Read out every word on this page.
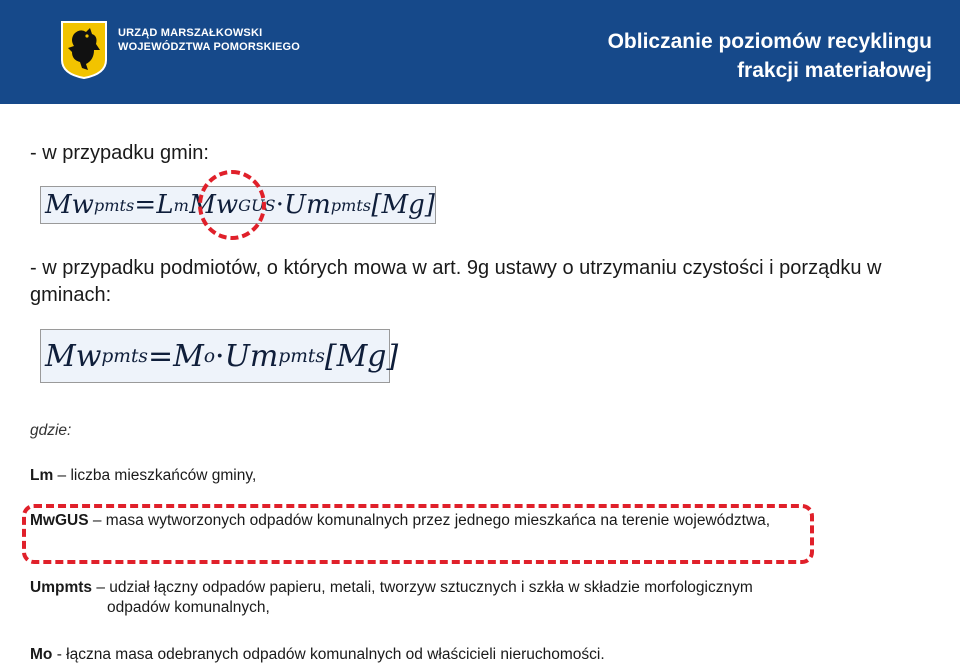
URZĄD MARSZAŁKOWSKI
WOJEWÓDZTWA POMORSKIEGO	Obliczanie poziomów recyklingu
frakcji materiałowej
- w przypadku gmin:
Mw pmts = L m Mw GUS · Um pmts [Mg]
- w przypadku podmiotów, o których mowa w art. 9g ustawy o utrzymaniu czystości i porządku w gminach:
Mw pmts = M o · Um pmts [Mg]
gdzie:
Lm – liczba mieszkańców gminy,
MwGUS – masa wytworzonych odpadów komunalnych przez jednego mieszkańca na terenie województwa,
Umpmts – udział łączny odpadów papieru, metali, tworzyw sztucznych i szkła w składzie morfologicznym
odpadów komunalnych,
Mo - łączna masa odebranych odpadów komunalnych od właścicieli nieruchomości.
